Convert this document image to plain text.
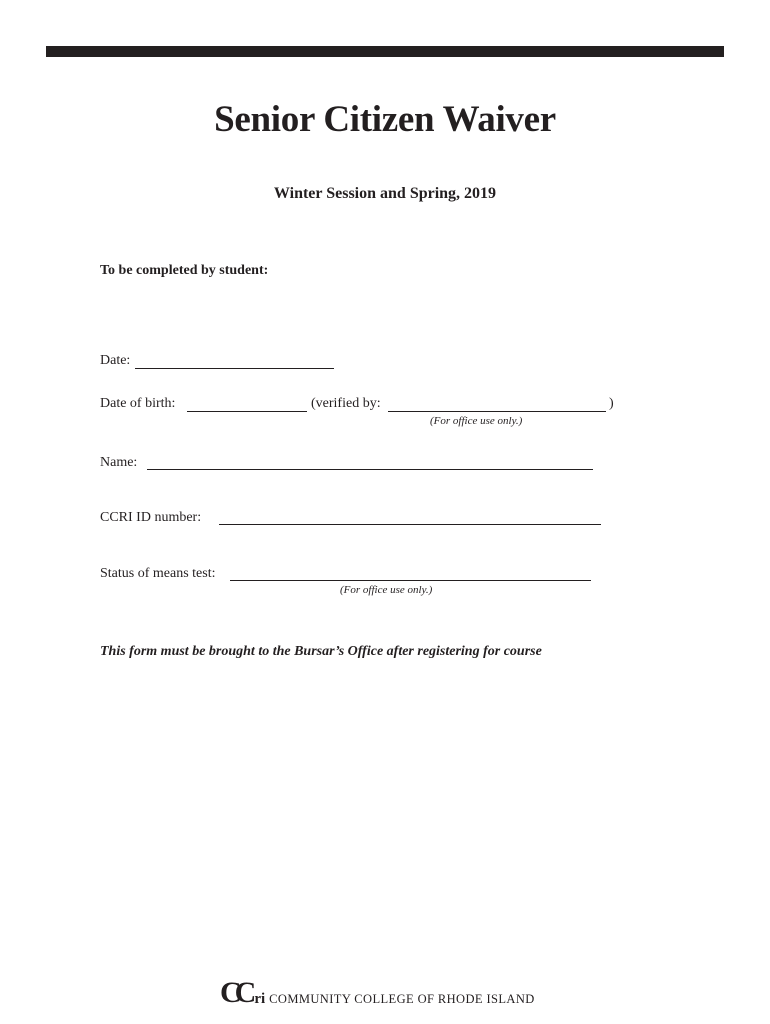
Senior Citizen Waiver
Winter Session and Spring, 2019
To be completed by student:
Date:
Date of birth:	(verified by:	)
(For office use only.)
Name:
CCRI ID number:
Status of means test:
(For office use only.)
This form must be brought to the Bursar’s Office after registering for course
CC ri COMMUNITY COLLEGE OF RHODE ISLAND
